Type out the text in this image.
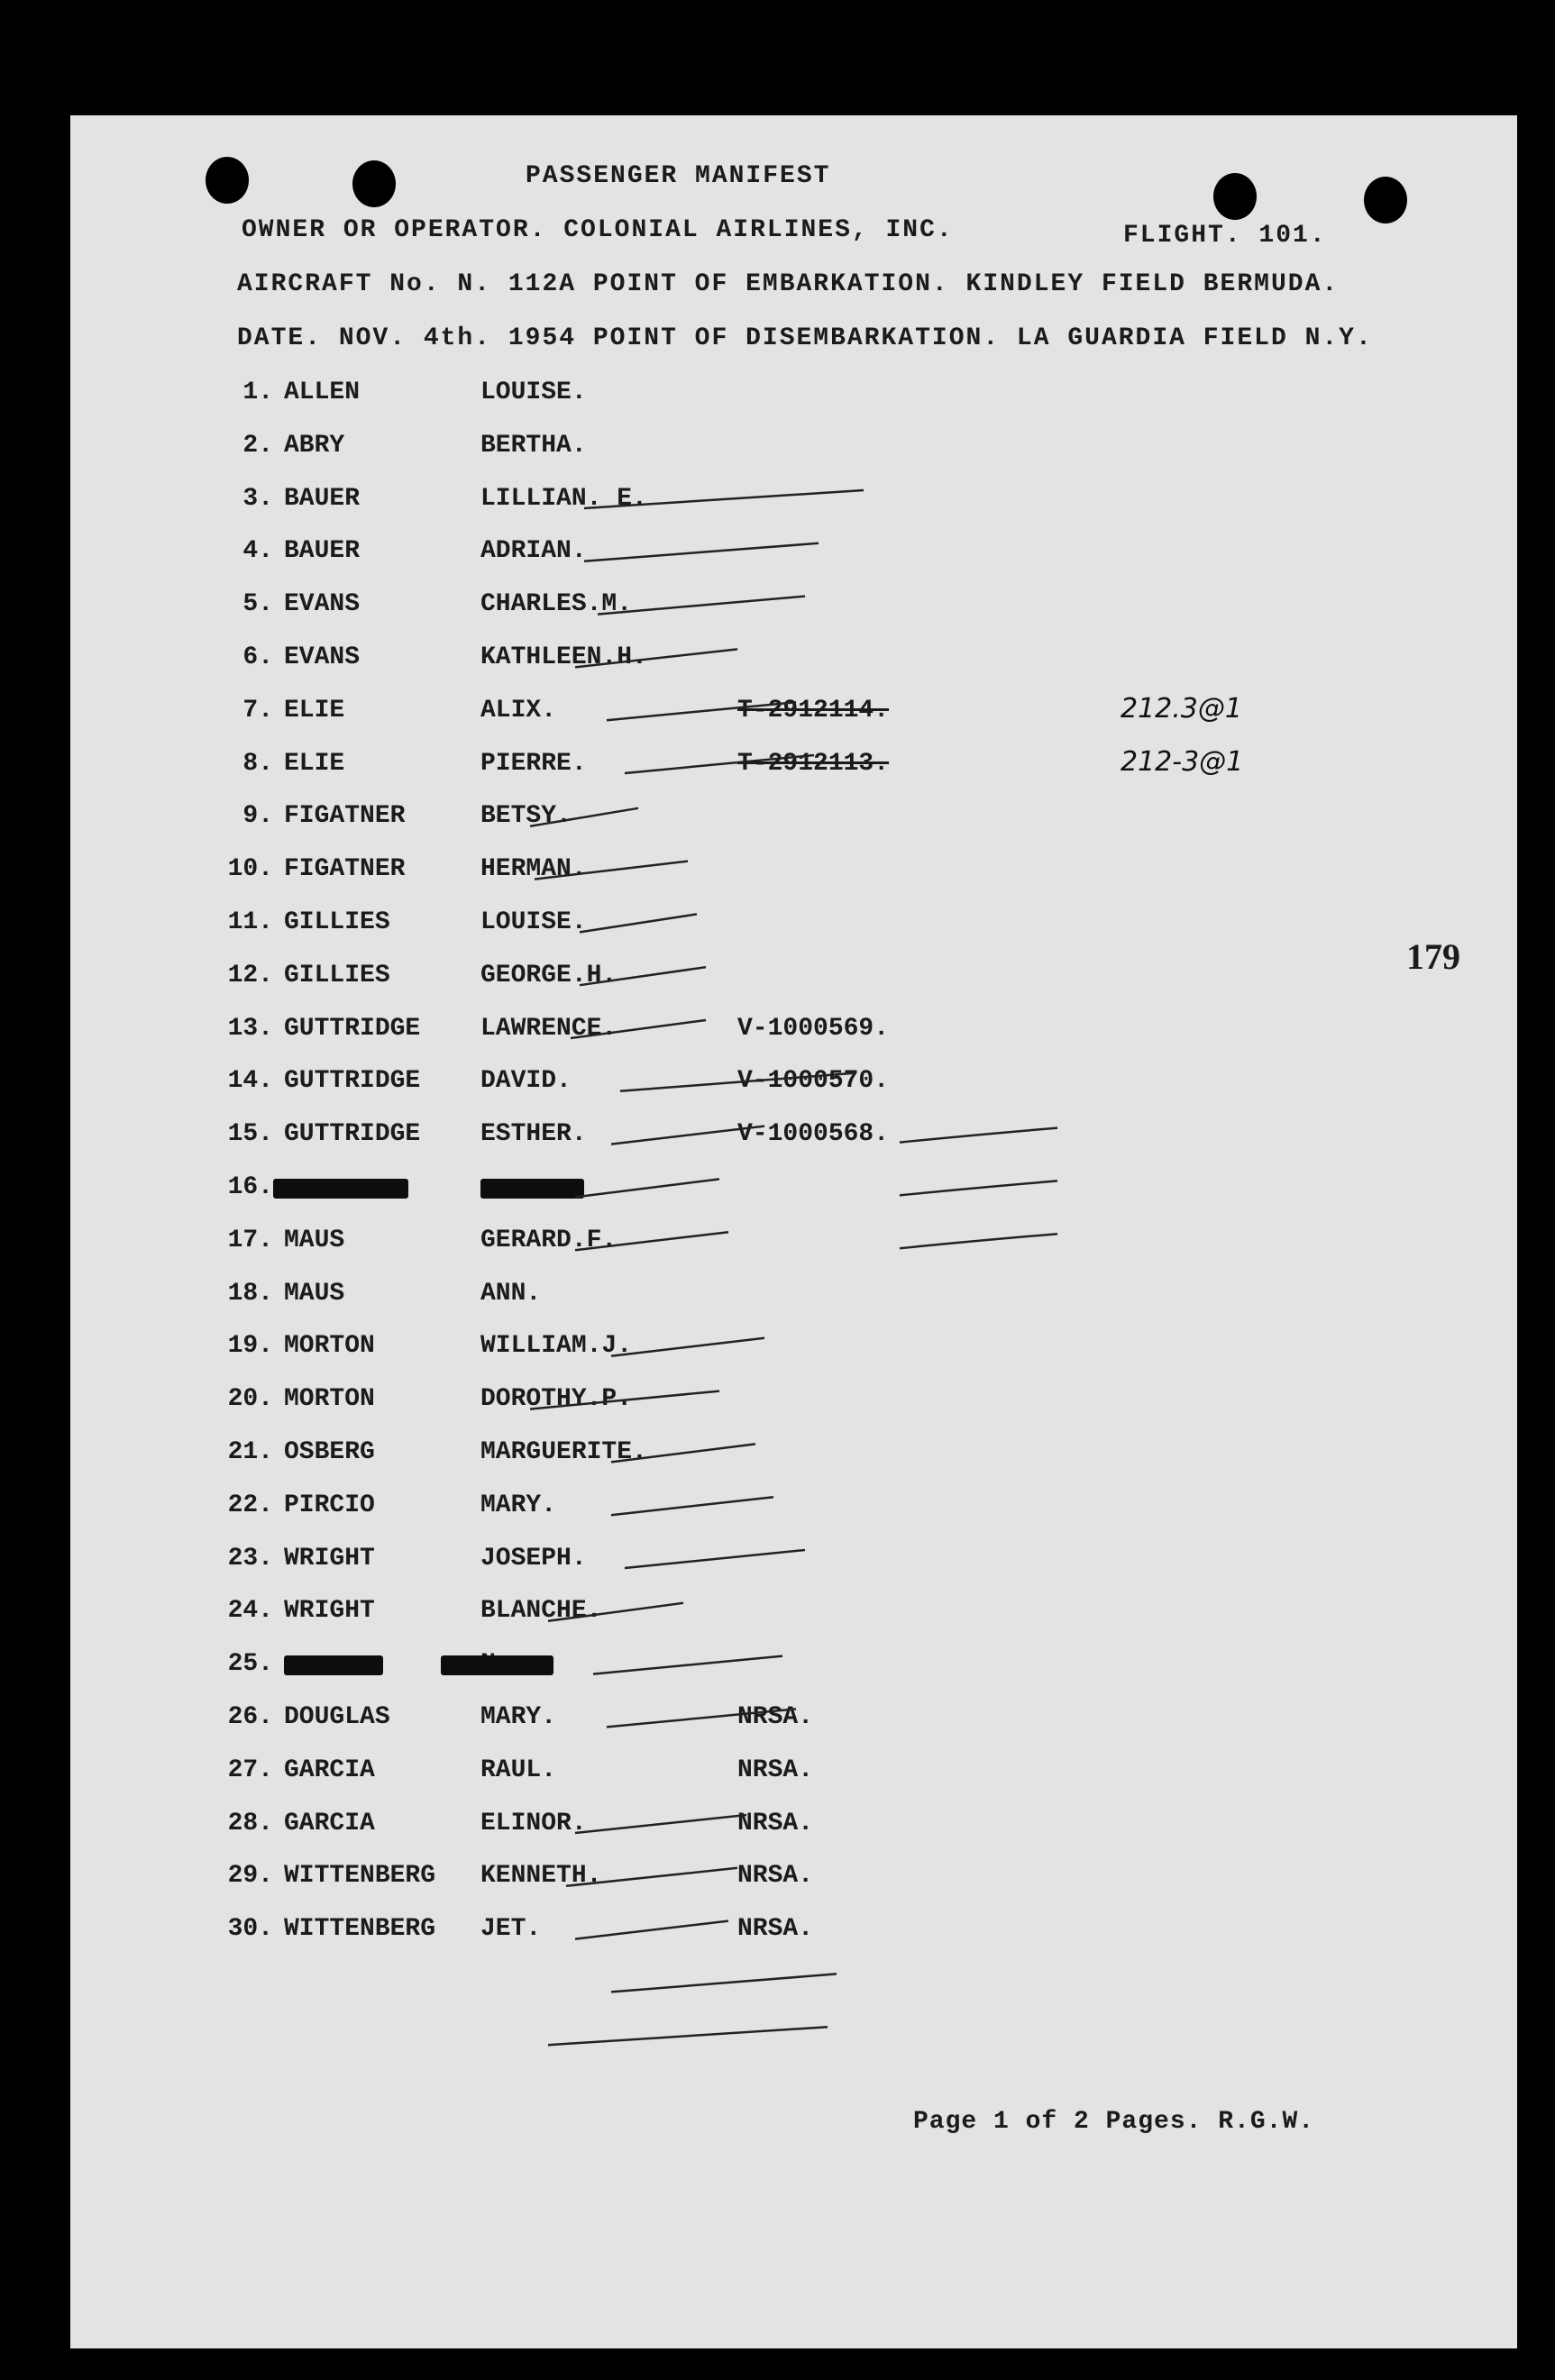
PASSENGER MANIFEST
OWNER OR OPERATOR. COLONIAL AIRLINES, INC.	FLIGHT. 101.
AIRCRAFT No. N. 112A POINT OF EMBARKATION. KINDLEY FIELD BERMUDA.
DATE. NOV. 4th. 1954 POINT OF DISEMBARKATION. LA GUARDIA FIELD N.Y.
179
1. ALLEN	LOUISE.
2. ABRY	BERTHA.
3. BAUER	LILLIAN. E.
4. BAUER	ADRIAN.
5. EVANS	CHARLES.M.
6. EVANS	KATHLEEN.H.
7. ELIE	ALIX.	T-2912114.	212.3@1
8. ELIE	PIERRE.	T-2912113.	212-3@1
9. FIGATNER	BETSY.
10. FIGATNER	HERMAN.
11. GILLIES	LOUISE.
12. GILLIES	GEORGE.H.
13. GUTTRIDGE LAWRENCE.	V-1000569.
14. GUTTRIDGE DAVID.	V-1000570.
15. GUTTRIDGE ESTHER.	V-1000568.
16.
17. MAUS	GERARD.F.
18. MAUS	ANN.
19. MORTON	WILLIAM.J.
20. MORTON	DOROTHY.P.
21. OSBERG	MARGUERITE.
22. PIRCIO	MARY.
23. WRIGHT	JOSEPH.
24. WRIGHT	BLANCHE.
25.
26. DOUGLAS	MARY.	NRSA.
27. GARCIA	RAUL.	NRSA.
28. GARCIA	ELINOR.	NRSA.
29. WITTENBERG KENNETH.	NRSA.
30. WITTENBERG JET.	NRSA.
Page 1 of 2 Pages. R.G.W.
